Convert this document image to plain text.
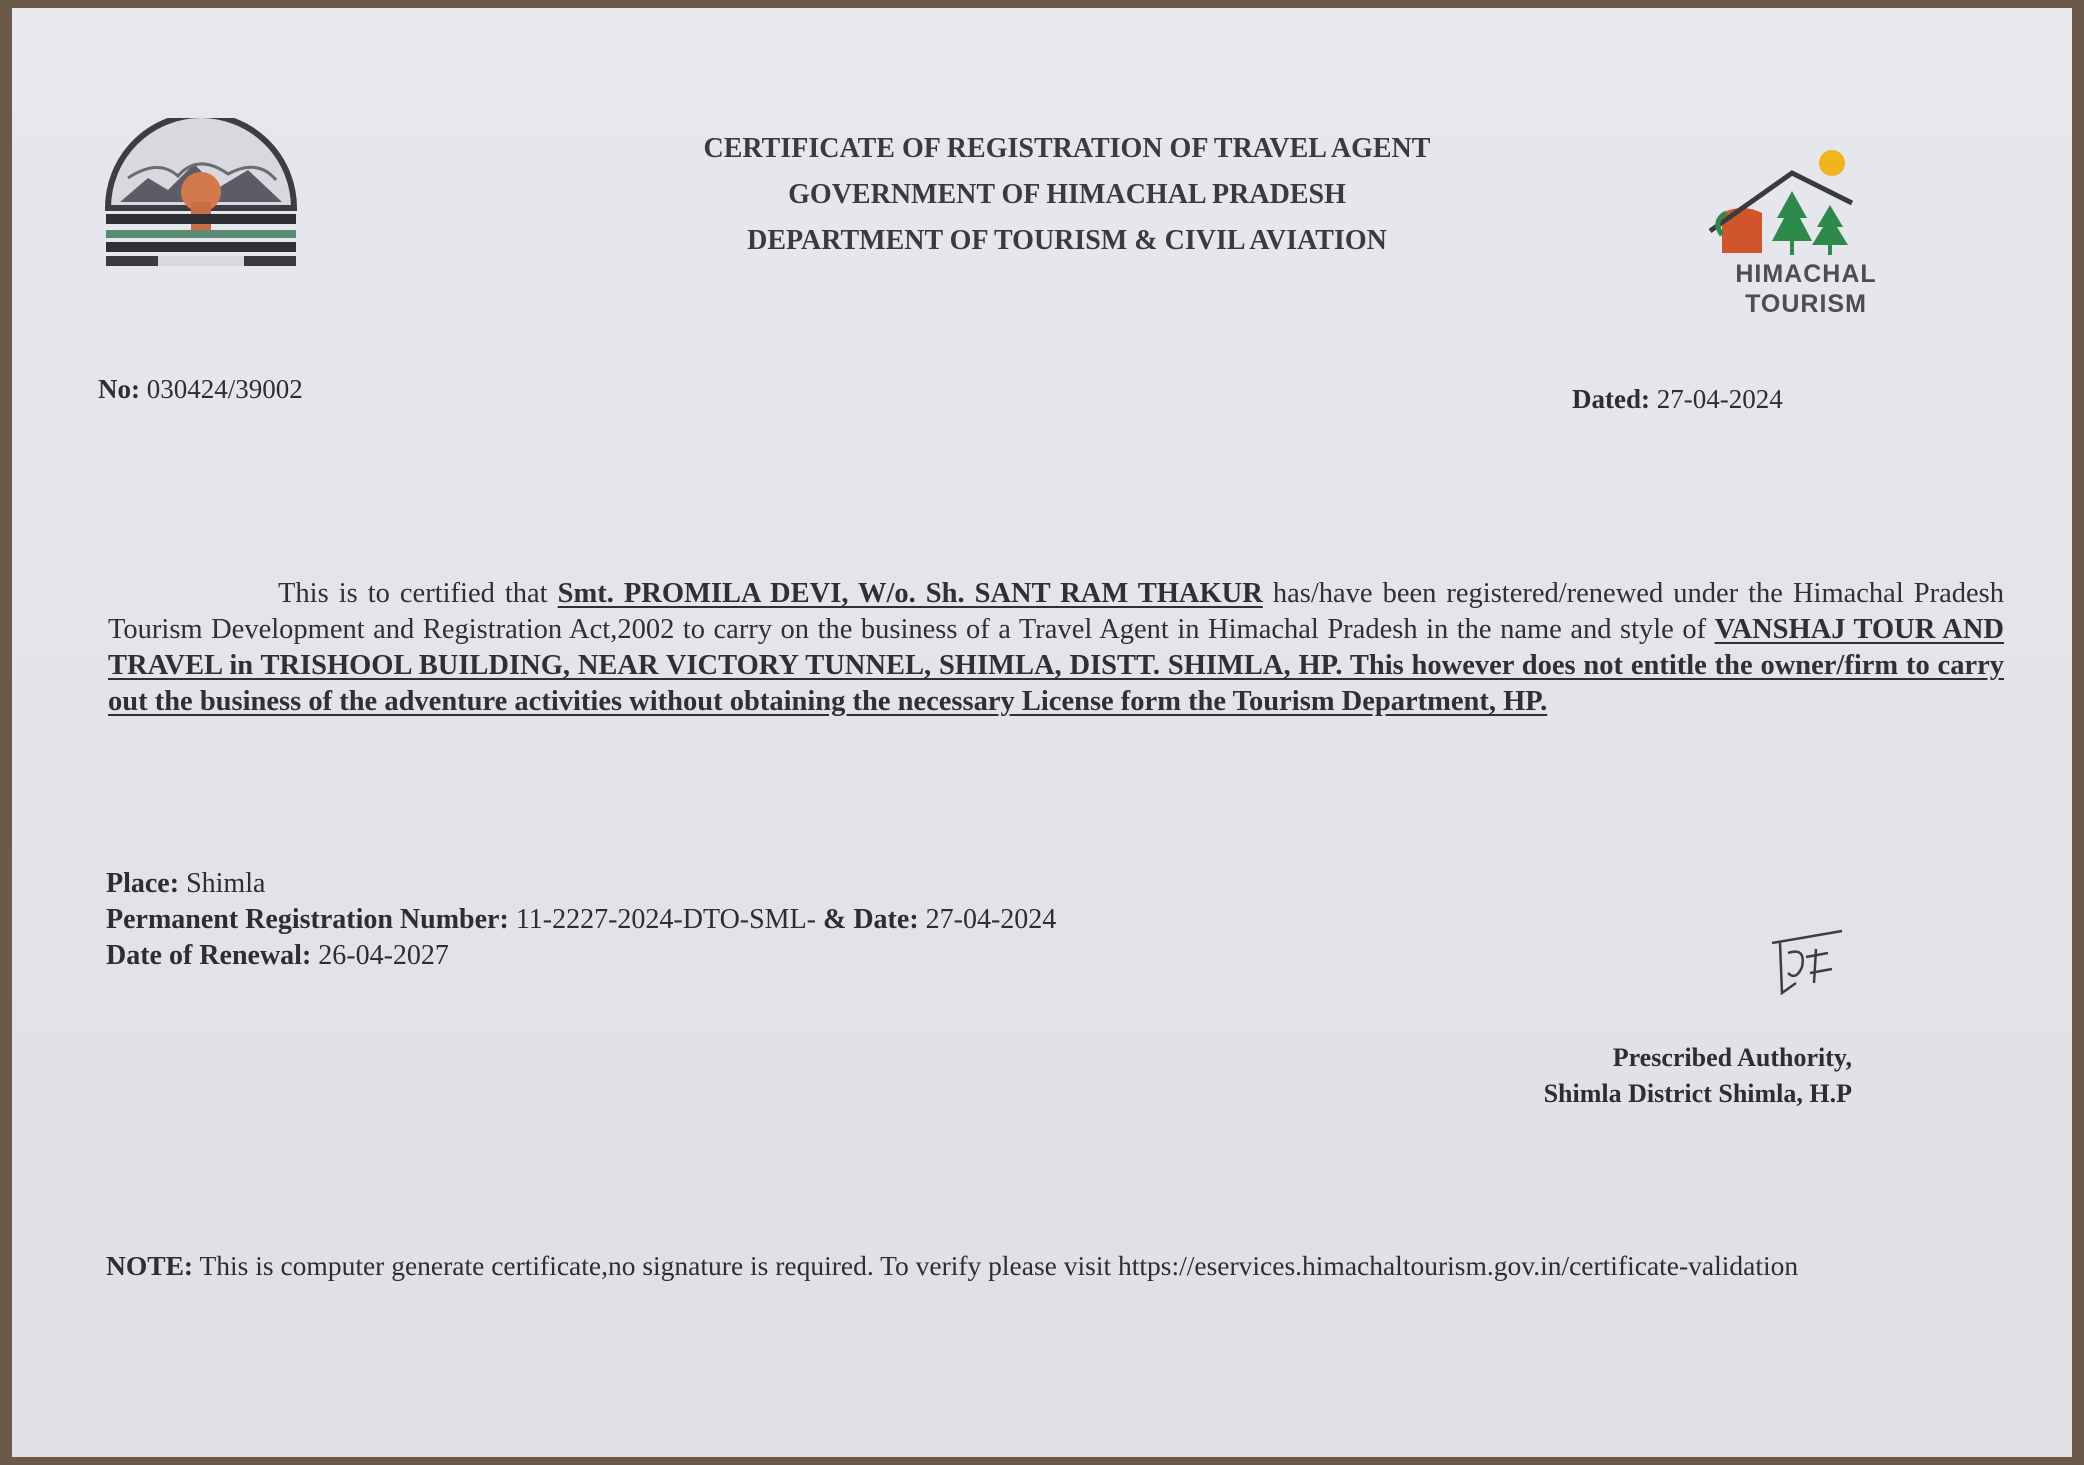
CERTIFICATE OF REGISTRATION OF TRAVEL AGENT
GOVERNMENT OF HIMACHAL PRADESH
DEPARTMENT OF TOURISM & CIVIL AVIATION
HIMACHAL
TOURISM
No: 030424/39002	Dated: 27-04-2024
This is to certified that Smt. PROMILA DEVI, W/o. Sh. SANT RAM THAKUR has/have been registered/renewed under the Himachal Pradesh Tourism Development and Registration Act,2002 to carry on the business of a Travel Agent in Himachal Pradesh in the name and style of VANSHAJ TOUR AND TRAVEL in TRISHOOL BUILDING, NEAR VICTORY TUNNEL, SHIMLA, DISTT. SHIMLA, HP. This however does not entitle the owner/firm to carry out the business of the adventure activities without obtaining the necessary License form the Tourism Department, HP.
Place: Shimla
Permanent Registration Number: 11-2227-2024-DTO-SML- & Date: 27-04-2024
Date of Renewal: 26-04-2027
Prescribed Authority,
Shimla District Shimla, H.P
NOTE: This is computer generate certificate,no signature is required. To verify please visit https://eservices.himachaltourism.gov.in/certificate-validation
